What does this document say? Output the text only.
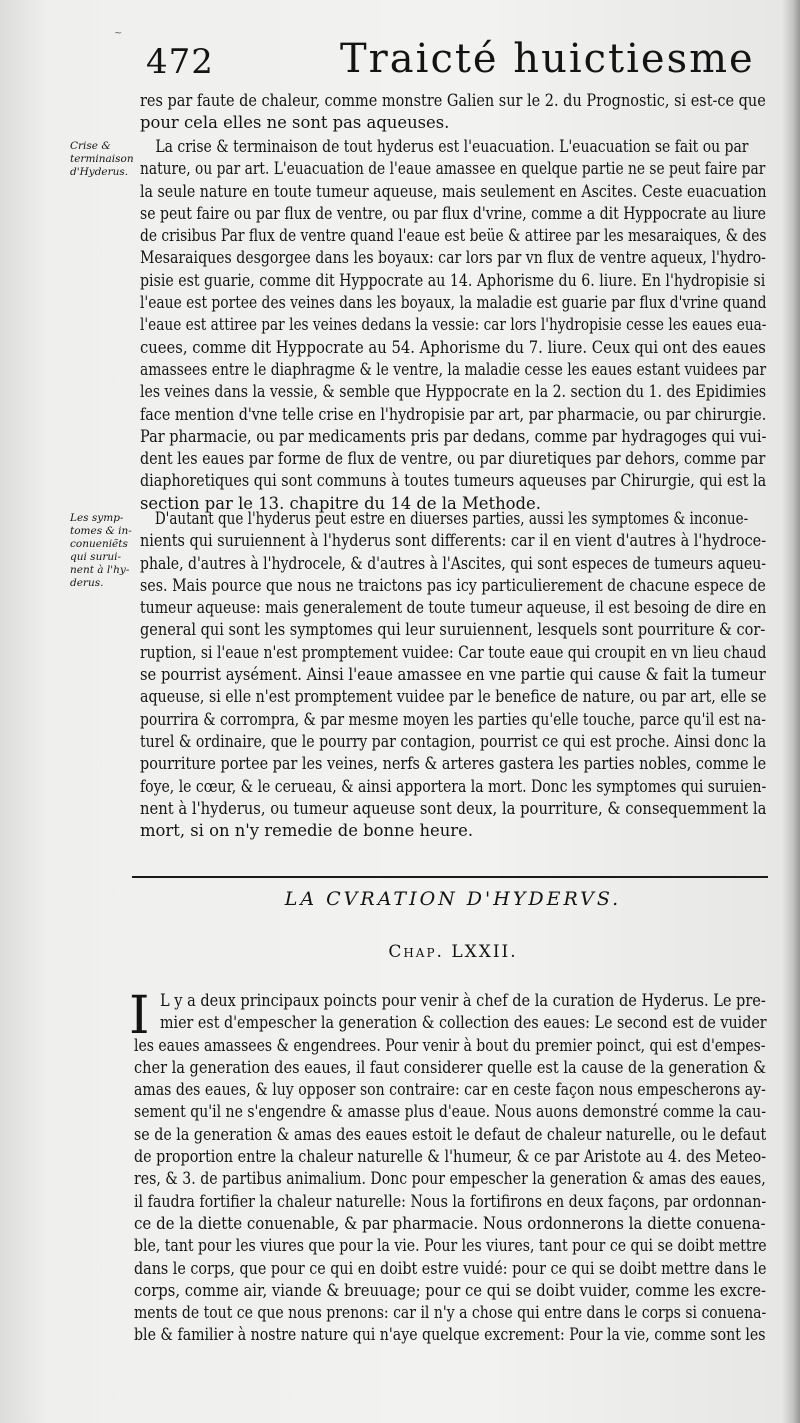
~
472	Traicté huictiesme
res par faute de chaleur, comme monstre Galien sur le 2. du Prognostic, si est-ce que
pour cela elles ne sont pas aqueuses.
Crise &
terminaison
d'Hyderus.
La crise & terminaison de tout hyderus est l'euacuation. L'euacuation se fait ou par
nature, ou par art. L'euacuation de l'eaue amassee en quelque partie ne se peut faire par
la seule nature en toute tumeur aqueuse, mais seulement en Ascites. Ceste euacuation
se peut faire ou par flux de ventre, ou par flux d'vrine, comme a dit Hyppocrate au liure
de crisibus Par flux de ventre quand l'eaue est beüe & attiree par les mesaraiques, & des
Mesaraiques desgorgee dans les boyaux: car lors par vn flux de ventre aqueux, l'hydro-
pisie est guarie, comme dit Hyppocrate au 14. Aphorisme du 6. liure. En l'hydropisie si
l'eaue est portee des veines dans les boyaux, la maladie est guarie par flux d'vrine quand
l'eaue est attiree par les veines dedans la vessie: car lors l'hydropisie cesse les eaues eua-
cuees, comme dit Hyppocrate au 54. Aphorisme du 7. liure. Ceux qui ont des eaues
amassees entre le diaphragme & le ventre, la maladie cesse les eaues estant vuidees par
les veines dans la vessie, & semble que Hyppocrate en la 2. section du 1. des Epidimies
face mention d'vne telle crise en l'hydropisie par art, par pharmacie, ou par chirurgie.
Par pharmacie, ou par medicaments pris par dedans, comme par hydragoges qui vui-
dent les eaues par forme de flux de ventre, ou par diuretiques par dehors, comme par
diaphoretiques qui sont communs à toutes tumeurs aqueuses par Chirurgie, qui est la
section par le 13. chapitre du 14 de la Methode.
Les symp-
tomes & in-
conueniẽts
qui surui-
nent à l'hy-
derus.
D'autant que l'hyderus peut estre en diuerses parties, aussi les symptomes & inconue-
nients qui suruiennent à l'hyderus sont differents: car il en vient d'autres à l'hydroce-
phale, d'autres à l'hydrocele, & d'autres à l'Ascites, qui sont especes de tumeurs aqueu-
ses. Mais pource que nous ne traictons pas icy particulierement de chacune espece de
tumeur aqueuse: mais generalement de toute tumeur aqueuse, il est besoing de dire en
general qui sont les symptomes qui leur suruiennent, lesquels sont pourriture & cor-
ruption, si l'eaue n'est promptement vuidee: Car toute eaue qui croupit en vn lieu chaud
se pourrist aysément. Ainsi l'eaue amassee en vne partie qui cause & fait la tumeur
aqueuse, si elle n'est promptement vuidee par le benefice de nature, ou par art, elle se
pourrira & corrompra, & par mesme moyen les parties qu'elle touche, parce qu'il est na-
turel & ordinaire, que le pourry par contagion, pourrist ce qui est proche. Ainsi donc la
pourriture portee par les veines, nerfs & arteres gastera les parties nobles, comme le
foye, le cœur, & le cerueau, & ainsi apportera la mort. Donc les symptomes qui suruien-
nent à l'hyderus, ou tumeur aqueuse sont deux, la pourriture, & consequemment la
mort, si on n'y remedie de bonne heure.
LA CVRATION D'HYDERVS.
Chap. LXXII.
I L y a deux principaux poincts pour venir à chef de la curation de Hyderus. Le pre-
mier est d'empescher la generation & collection des eaues: Le second est de vuider
les eaues amassees & engendrees. Pour venir à bout du premier poinct, qui est d'empes-
cher la generation des eaues, il faut considerer quelle est la cause de la generation &
amas des eaues, & luy opposer son contraire: car en ceste façon nous empescherons ay-
sement qu'il ne s'engendre & amasse plus d'eaue. Nous auons demonstré comme la cau-
se de la generation & amas des eaues estoit le defaut de chaleur naturelle, ou le defaut
de proportion entre la chaleur naturelle & l'humeur, & ce par Aristote au 4. des Meteo-
res, & 3. de partibus animalium. Donc pour empescher la generation & amas des eaues,
il faudra fortifier la chaleur naturelle: Nous la fortifirons en deux façons, par ordonnan-
ce de la diette conuenable, & par pharmacie. Nous ordonnerons la diette conuena-
ble, tant pour les viures que pour la vie. Pour les viures, tant pour ce qui se doibt mettre
dans le corps, que pour ce qui en doibt estre vuidé: pour ce qui se doibt mettre dans le
corps, comme air, viande & breuuage; pour ce qui se doibt vuider, comme les excre-
ments de tout ce que nous prenons: car il n'y a chose qui entre dans le corps si conuena-
ble & familier à nostre nature qui n'aye quelque excrement: Pour la vie, comme sont les
